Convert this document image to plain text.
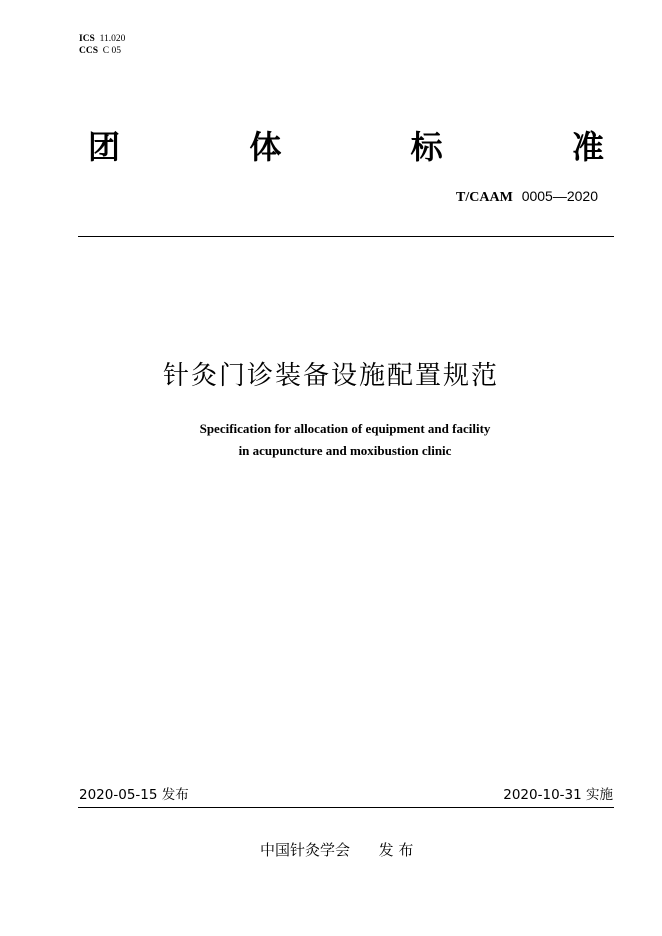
ICS 11.020
CCS C 05
团	体	标	准
T/CAAM 0005—2020
针灸门诊装备设施配置规范
Specification for allocation of equipment and facility
in acupuncture and moxibustion clinic
2020-05-15 发布	2020-10-31 实施
中国针灸学会 发 布
